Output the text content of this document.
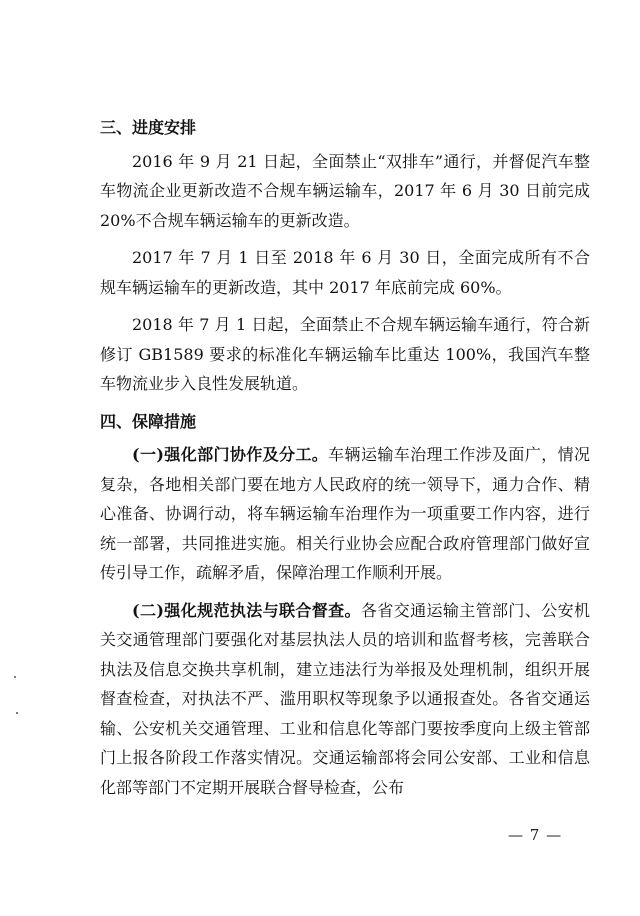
三、进度安排

2016 年 9 月 21 日起，全面禁止“双排车”通行，并督促汽车整车物流企业更新改造不合规车辆运输车，2017 年 6 月 30 日前完成 20%不合规车辆运输车的更新改造。

2017 年 7 月 1 日至 2018 年 6 月 30 日，全面完成所有不合规车辆运输车的更新改造，其中 2017 年底前完成 60%。

2018 年 7 月 1 日起，全面禁止不合规车辆运输车通行，符合新修订 GB1589 要求的标准化车辆运输车比重达 100%，我国汽车整车物流业步入良性发展轨道。

四、保障措施

(一)强化部门协作及分工。车辆运输车治理工作涉及面广，情况复杂，各地相关部门要在地方人民政府的统一领导下，通力合作、精心准备、协调行动，将车辆运输车治理作为一项重要工作内容，进行统一部署，共同推进实施。相关行业协会应配合政府管理部门做好宣传引导工作，疏解矛盾，保障治理工作顺利开展。

(二)强化规范执法与联合督查。各省交通运输主管部门、公安机关交通管理部门要强化对基层执法人员的培训和监督考核，完善联合执法及信息交换共享机制，建立违法行为举报及处理机制，组织开展督查检查，对执法不严、滥用职权等现象予以通报查处。各省交通运输、公安机关交通管理、工业和信息化等部门要按季度向上级主管部门上报各阶段工作落实情况。交通运输部将会同公安部、工业和信息化部等部门不定期开展联合督导检查，公布

— 7 —
